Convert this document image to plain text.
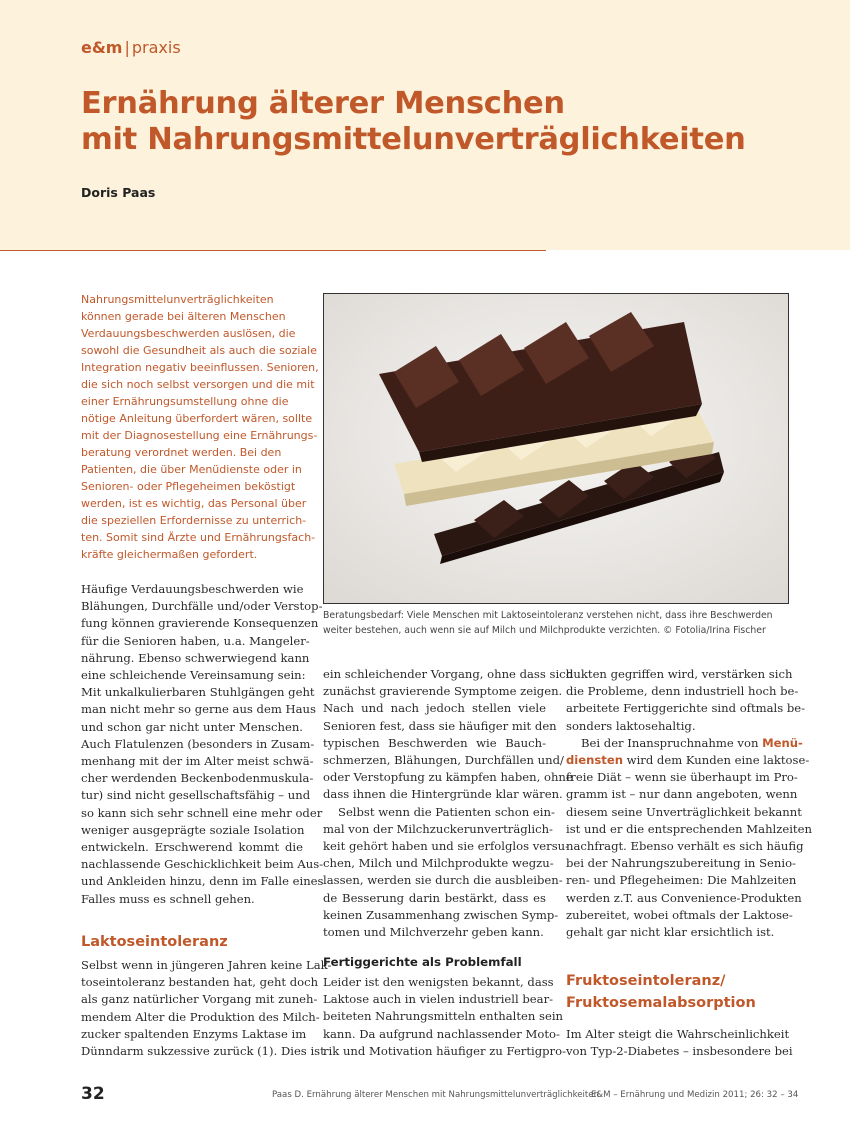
e&m | praxis
Ernährung älterer Menschen
mit Nahrungsmittelunverträglichkeiten
Doris Paas
Nahrungsmittelunverträglichkeiten
können gerade bei älteren Menschen
Verdauungsbeschwerden auslösen, die
sowohl die Gesundheit als auch die soziale
Integration negativ beeinflussen. Senioren,
die sich noch selbst versorgen und die mit
einer Ernährungsumstellung ohne die
nötige Anleitung überfordert wären, sollte
mit der Diagnosestellung eine Ernährungs-
beratung verordnet werden. Bei den
Patienten, die über Menüdienste oder in
Senioren- oder Pflegeheimen beköstigt
werden, ist es wichtig, das Personal über
die speziellen Erfordernisse zu unterrich-
ten. Somit sind Ärzte und Ernährungsfach-
kräfte gleichermaßen gefordert.
Häufige Verdauungsbeschwerden wie
Blähungen, Durchfälle und/oder Verstop-
fung können gravierende Konsequenzen
für die Senioren haben, u.a. Mangeler-
nährung. Ebenso schwerwiegend kann
eine schleichende Vereinsamung sein:
Mit unkalkulierbaren Stuhlgängen geht
man nicht mehr so gerne aus dem Haus
und schon gar nicht unter Menschen.
Auch Flatulenzen (besonders in Zusam-
menhang mit der im Alter meist schwä-
cher werdenden Beckenbodenmuskula-
tur) sind nicht gesellschaftsfähig – und
so kann sich sehr schnell eine mehr oder
weniger ausgeprägte soziale Isolation
entwickeln. Erschwerend kommt die
nachlassende Geschicklichkeit beim Aus-
und Ankleiden hinzu, denn im Falle eines
Falles muss es schnell gehen.
Laktoseintoleranz
Selbst wenn in jüngeren Jahren keine Lak-
toseintoleranz bestanden hat, geht doch
als ganz natürlicher Vorgang mit zuneh-
mendem Alter die Produktion des Milch-
zucker spaltenden Enzyms Laktase im
Dünndarm sukzessive zurück (1). Dies ist
Beratungsbedarf: Viele Menschen mit Laktoseintoleranz verstehen nicht, dass ihre Beschwerden
weiter bestehen, auch wenn sie auf Milch und Milchprodukte verzichten. © Fotolia/Irina Fischer
ein schleichender Vorgang, ohne dass sich
zunächst gravierende Symptome zeigen.
Nach und nach jedoch stellen viele
Senioren fest, dass sie häufiger mit den
typischen Beschwerden wie Bauch-
schmerzen, Blähungen, Durchfällen und/
oder Verstopfung zu kämpfen haben, ohne
dass ihnen die Hintergründe klar wären.
Selbst wenn die Patienten schon ein-
mal von der Milchzuckerunverträglich-
keit gehört haben und sie erfolglos versu-
chen, Milch und Milchprodukte wegzu-
lassen, werden sie durch die ausbleiben-
de Besserung darin bestärkt, dass es
keinen Zusammenhang zwischen Symp-
tomen und Milchverzehr geben kann.
Fertiggerichte als Problemfall
Leider ist den wenigsten bekannt, dass
Laktose auch in vielen industriell bear-
beiteten Nahrungsmitteln enthalten sein
kann. Da aufgrund nachlassender Moto-
rik und Motivation häufiger zu Fertigpro-
dukten gegriffen wird, verstärken sich
die Probleme, denn industriell hoch be-
arbeitete Fertiggerichte sind oftmals be-
sonders laktosehaltig.
Bei der Inanspruchnahme von Menü-
diensten wird dem Kunden eine laktose-
freie Diät – wenn sie überhaupt im Pro-
gramm ist – nur dann angeboten, wenn
diesem seine Unverträglichkeit bekannt
ist und er die entsprechenden Mahlzeiten
nachfragt. Ebenso verhält es sich häufig
bei der Nahrungszubereitung in Senio-
ren- und Pflegeheimen: Die Mahlzeiten
werden z.T. aus Convenience-Produkten
zubereitet, wobei oftmals der Laktose-
gehalt gar nicht klar ersichtlich ist.
Fruktoseintoleranz/
Fruktosemalabsorption
Im Alter steigt die Wahrscheinlichkeit
von Typ-2-Diabetes – insbesondere bei
32	Paas D. Ernährung älterer Menschen mit Nahrungsmittelunverträglichkeiten
E&M – Ernährung und Medizin 2011; 26: 32 – 34
